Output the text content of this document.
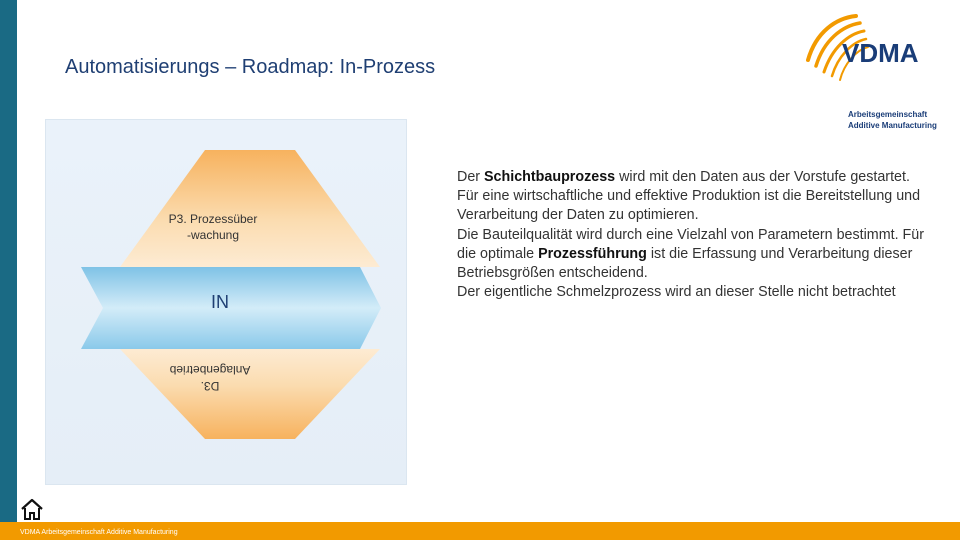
Automatisierungs – Roadmap: In-Prozess	VDMA
Arbeitsgemeinschaft
Additive Manufacturing
P3. Prozessüber
-wachung
IN
D3.
Anlagenbetrieb

Der Schichtbauprozess wird mit den Daten aus der Vorstufe gestartet. Für eine wirtschaftliche und effektive Produktion ist die Bereitstellung und Verarbeitung der Daten zu optimieren.

Die Bauteilqualität wird durch eine Vielzahl von Parametern bestimmt. Für die optimale Prozessführung ist die Erfassung und Verarbeitung dieser Betriebsgrößen entscheidend.

Der eigentliche Schmelzprozess wird an dieser Stelle nicht betrachtet

VDMA Arbeitsgemeinschaft Additive Manufacturing
